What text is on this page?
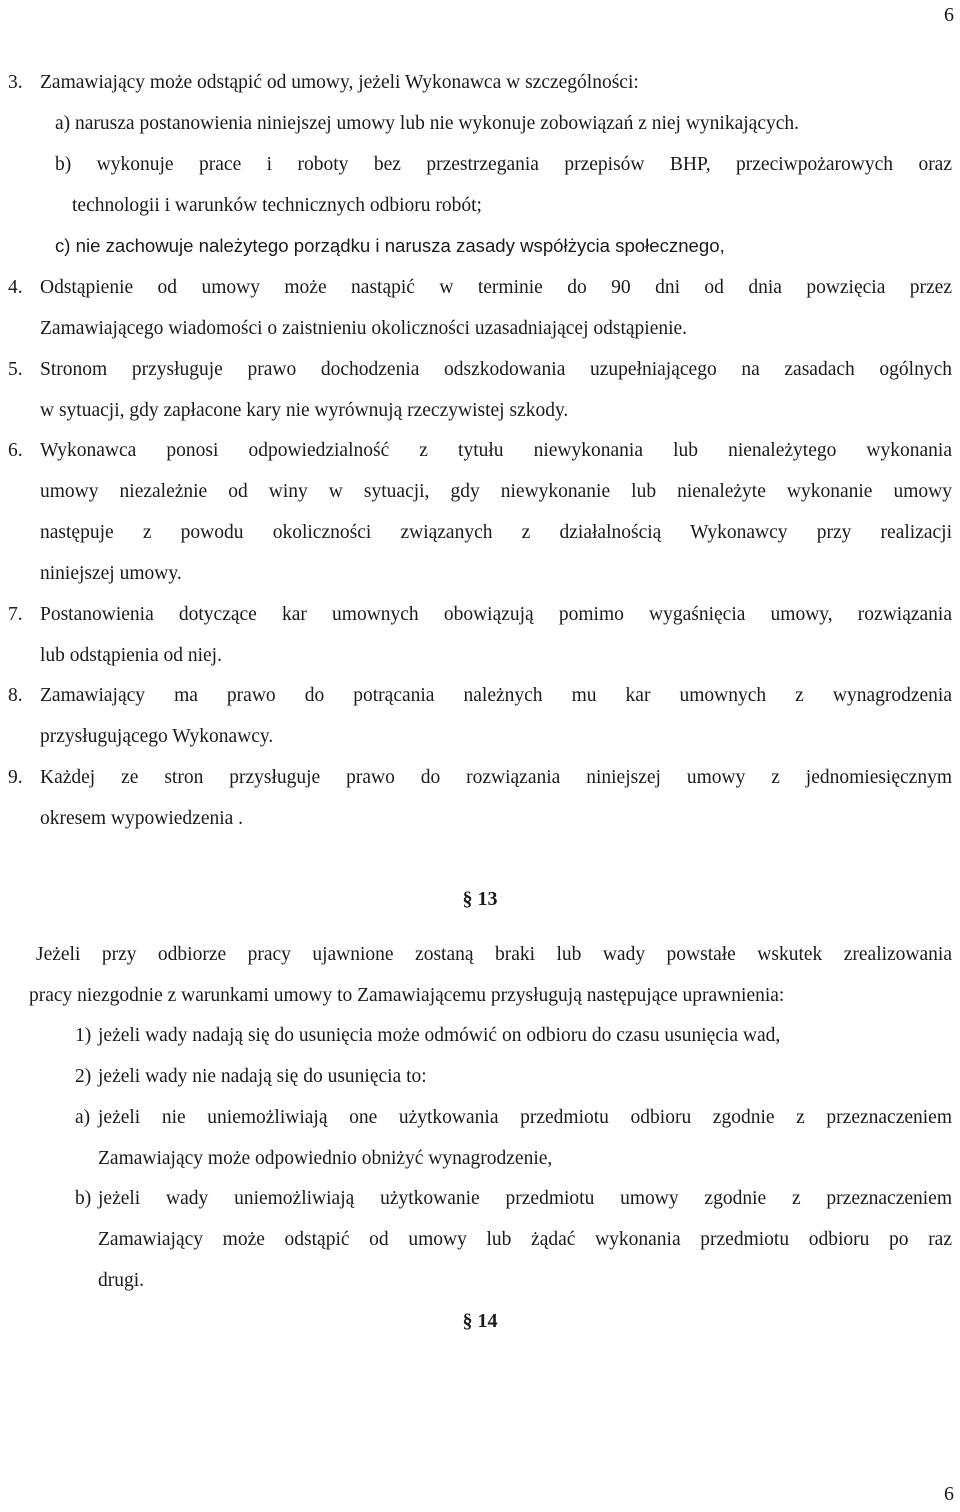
6
3. Zamawiający może odstąpić od umowy, jeżeli Wykonawca w szczególności:
a) narusza postanowienia niniejszej umowy lub nie wykonuje zobowiązań z niej wynikających.
b) wykonuje prace i roboty bez przestrzegania przepisów BHP, przeciwpożarowych oraz
technologii i warunków technicznych odbioru robót;
c) nie zachowuje należytego porządku i narusza zasady współżycia społecznego,
4. Odstąpienie od umowy może nastąpić w terminie do 90 dni od dnia powzięcia przez
Zamawiającego wiadomości o zaistnieniu okoliczności uzasadniającej odstąpienie.
5. Stronom przysługuje prawo dochodzenia odszkodowania uzupełniającego na zasadach ogólnych
w sytuacji, gdy zapłacone kary nie wyrównują rzeczywistej szkody.
6. Wykonawca ponosi odpowiedzialność z tytułu niewykonania lub nienależytego wykonania
umowy niezależnie od winy w sytuacji, gdy niewykonanie lub nienależyte wykonanie umowy
następuje z powodu okoliczności związanych z działalnością Wykonawcy przy realizacji
niniejszej umowy.
7. Postanowienia dotyczące kar umownych obowiązują pomimo wygaśnięcia umowy, rozwiązania
lub odstąpienia od niej.
8. Zamawiający ma prawo do potrącania należnych mu kar umownych z wynagrodzenia
przysługującego Wykonawcy.
9. Każdej ze stron przysługuje prawo do rozwiązania niniejszej umowy z jednomiesięcznym
okresem wypowiedzenia .
§ 13
Jeżeli przy odbiorze pracy ujawnione zostaną braki lub wady powstałe wskutek zrealizowania
pracy niezgodnie z warunkami umowy to Zamawiającemu przysługują następujące uprawnienia:
1) jeżeli wady nadają się do usunięcia może odmówić on odbioru do czasu usunięcia wad,
2) jeżeli wady nie nadają się do usunięcia to:
a) jeżeli nie uniemożliwiają one użytkowania przedmiotu odbioru zgodnie z przeznaczeniem
Zamawiający może odpowiednio obniżyć wynagrodzenie,
b) jeżeli wady uniemożliwiają użytkowanie przedmiotu umowy zgodnie z przeznaczeniem
Zamawiający może odstąpić od umowy lub żądać wykonania przedmiotu odbioru po raz
drugi.
§ 14
6
